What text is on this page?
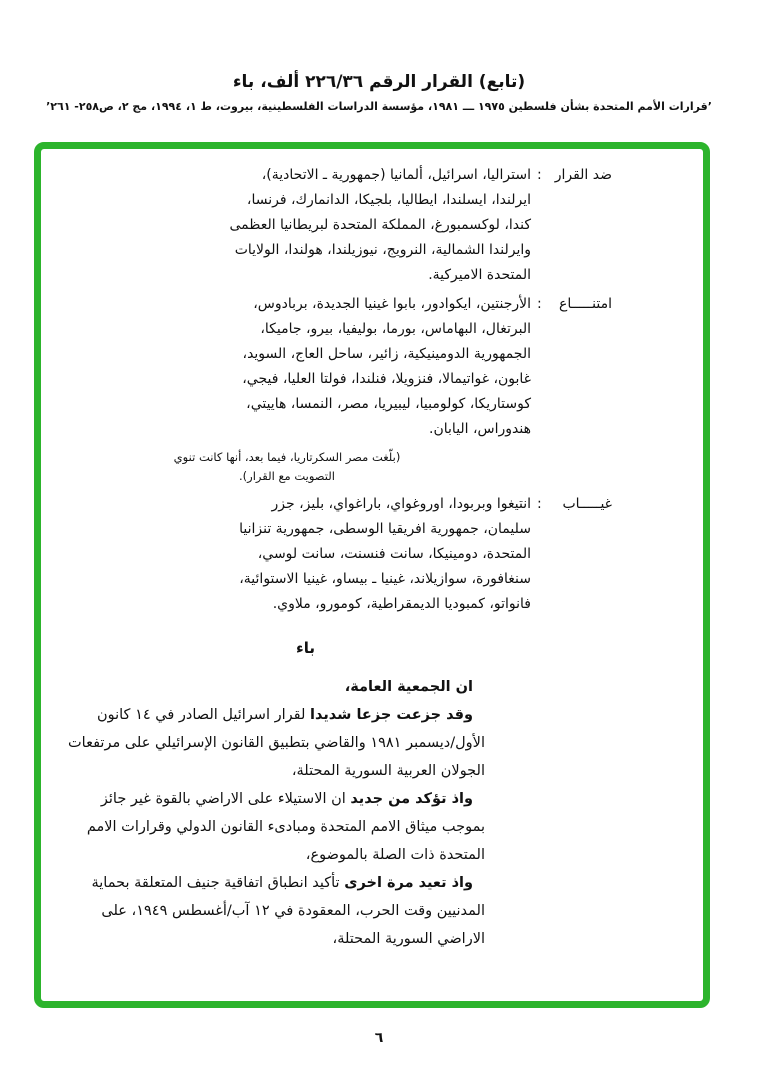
(تابع) القرار الرقم ٢٢٦/٣٦ ألف، باء
’قرارات الأمم المتحدة بشأن فلسطين ١٩٧٥ ـــ ١٩٨١، مؤسسة الدراسات الفلسطينية، بيروت، ط ١، ١٩٩٤، مج ٢، ص٢٥٨- ٢٦١’
ضد القرار
:
استراليا، اسرائيل، ألمانيا (جمهورية ـ الاتحادية)،
ايرلندا، ايسلندا، ايطاليا، بلجيكا، الدانمارك، فرنسا،
كندا، لوكسمبورغ، المملكة المتحدة لبريطانيا العظمى
وايرلندا الشمالية، النرويج، نيوزيلندا، هولندا، الولايات
المتحدة الاميركية.
امتنـــــاع
:
الأرجنتين، ايكوادور، بابوا غينيا الجديدة، بربادوس،
البرتغال، البهاماس، بورما، بوليفيا، بيرو، جاميكا،
الجمهورية الدومينيكية، زائير، ساحل العاج، السويد،
غابون، غواتيمالا، فنزويلا، فنلندا، فولتا العليا، فيجي،
كوستاريكا، كولومبيا، ليبيريا، مصر، النمسا، هاييتي،
هندوراس، اليابان.
(بلّغت مصر السكرتاريا، فيما بعد، أنها كانت تنوي
التصويت مع القرار).
غيـــــاب
:
انتيغوا وبربودا، اوروغواي، باراغواي، بليز، جزر
سليمان، جمهورية افريقيا الوسطى، جمهورية تنزانيا
المتحدة، دومينيكا، سانت فنسنت، سانت لوسي،
سنغافورة، سوازيلاند، غينيا ـ بيساو، غينيا الاستوائية،
فانواتو، كمبوديا الديمقراطية، كومورو، ملاوي.
باء
ان الجمعية العامة،
وقد جزعت جزعا شديدا لقرار اسرائيل الصادر في ١٤ كانون
الأول/ديسمبر ١٩٨١ والقاضي بتطبيق القانون الإسرائيلي على مرتفعات
الجولان العربية السورية المحتلة،
واذ تؤكد من جديد ان الاستيلاء على الاراضي بالقوة غير جائز
بموجب ميثاق الامم المتحدة ومبادىء القانون الدولي وقرارات الامم
المتحدة ذات الصلة بالموضوع،
واذ تعيد مرة اخرى تأكيد انطباق اتفاقية جنيف المتعلقة بحماية
المدنيين وقت الحرب، المعقودة في ١٢ آب/أغسطس ١٩٤٩، على
الاراضي السورية المحتلة،
٦
